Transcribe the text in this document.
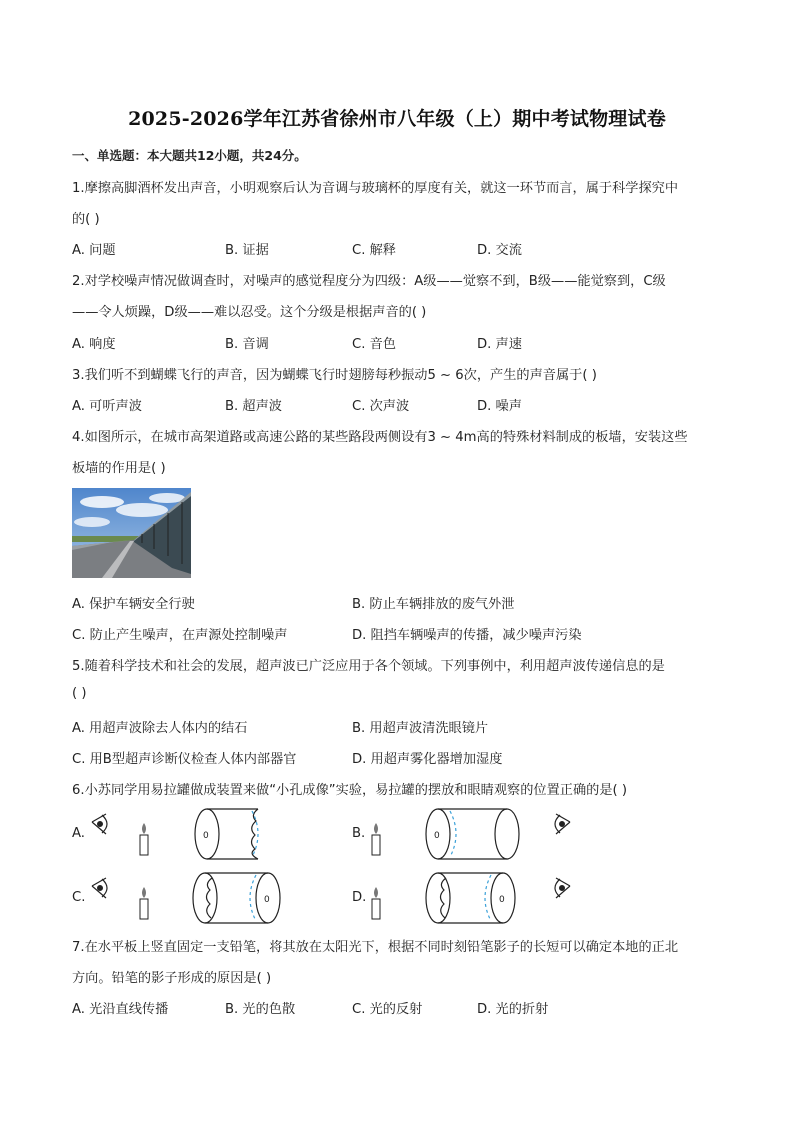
2025-2026学年江苏省徐州市八年级（上）期中考试物理试卷
一、单选题：本大题共12小题，共24分。
1.摩擦高脚酒杯发出声音，小明观察后认为音调与玻璃杯的厚度有关，就这一环节而言，属于科学探究中
的( )
A. 问题	B. 证据	C. 解释	D. 交流
2.对学校噪声情况做调查时，对噪声的感觉程度分为四级：A级——觉察不到，B级——能觉察到，C级
——令人烦躁，D级——难以忍受。这个分级是根据声音的( )
A. 响度	B. 音调	C. 音色	D. 声速
3.我们听不到蝴蝶飞行的声音，因为蝴蝶飞行时翅膀每秒振动5 ~ 6次，产生的声音属于( )
A. 可听声波	B. 超声波	C. 次声波	D. 噪声
4.如图所示，在城市高架道路或高速公路的某些路段两侧设有3 ~ 4m高的特殊材料制成的板墙，安装这些
板墙的作用是( )
A. 保护车辆安全行驶	B. 防止车辆排放的废气外泄
C. 防止产生噪声，在声源处控制噪声	D. 阻挡车辆噪声的传播，减少噪声污染
5.随着科学技术和社会的发展，超声波已广泛应用于各个领域。下列事例中，利用超声波传递信息的是
( )
A. 用超声波除去人体内的结石	B. 用超声波清洗眼镜片
C. 用B型超声诊断仪检查人体内部器官	D. 用超声雾化器增加湿度
6.小苏同学用易拉罐做成装置来做“小孔成像”实验，易拉罐的摆放和眼睛观察的位置正确的是( )
A.	0	B.	0
C.	0	D.	0
7.在水平板上竖直固定一支铅笔，将其放在太阳光下，根据不同时刻铅笔影子的长短可以确定本地的正北
方向。铅笔的影子形成的原因是( )
A. 光沿直线传播	B. 光的色散	C. 光的反射	D. 光的折射
